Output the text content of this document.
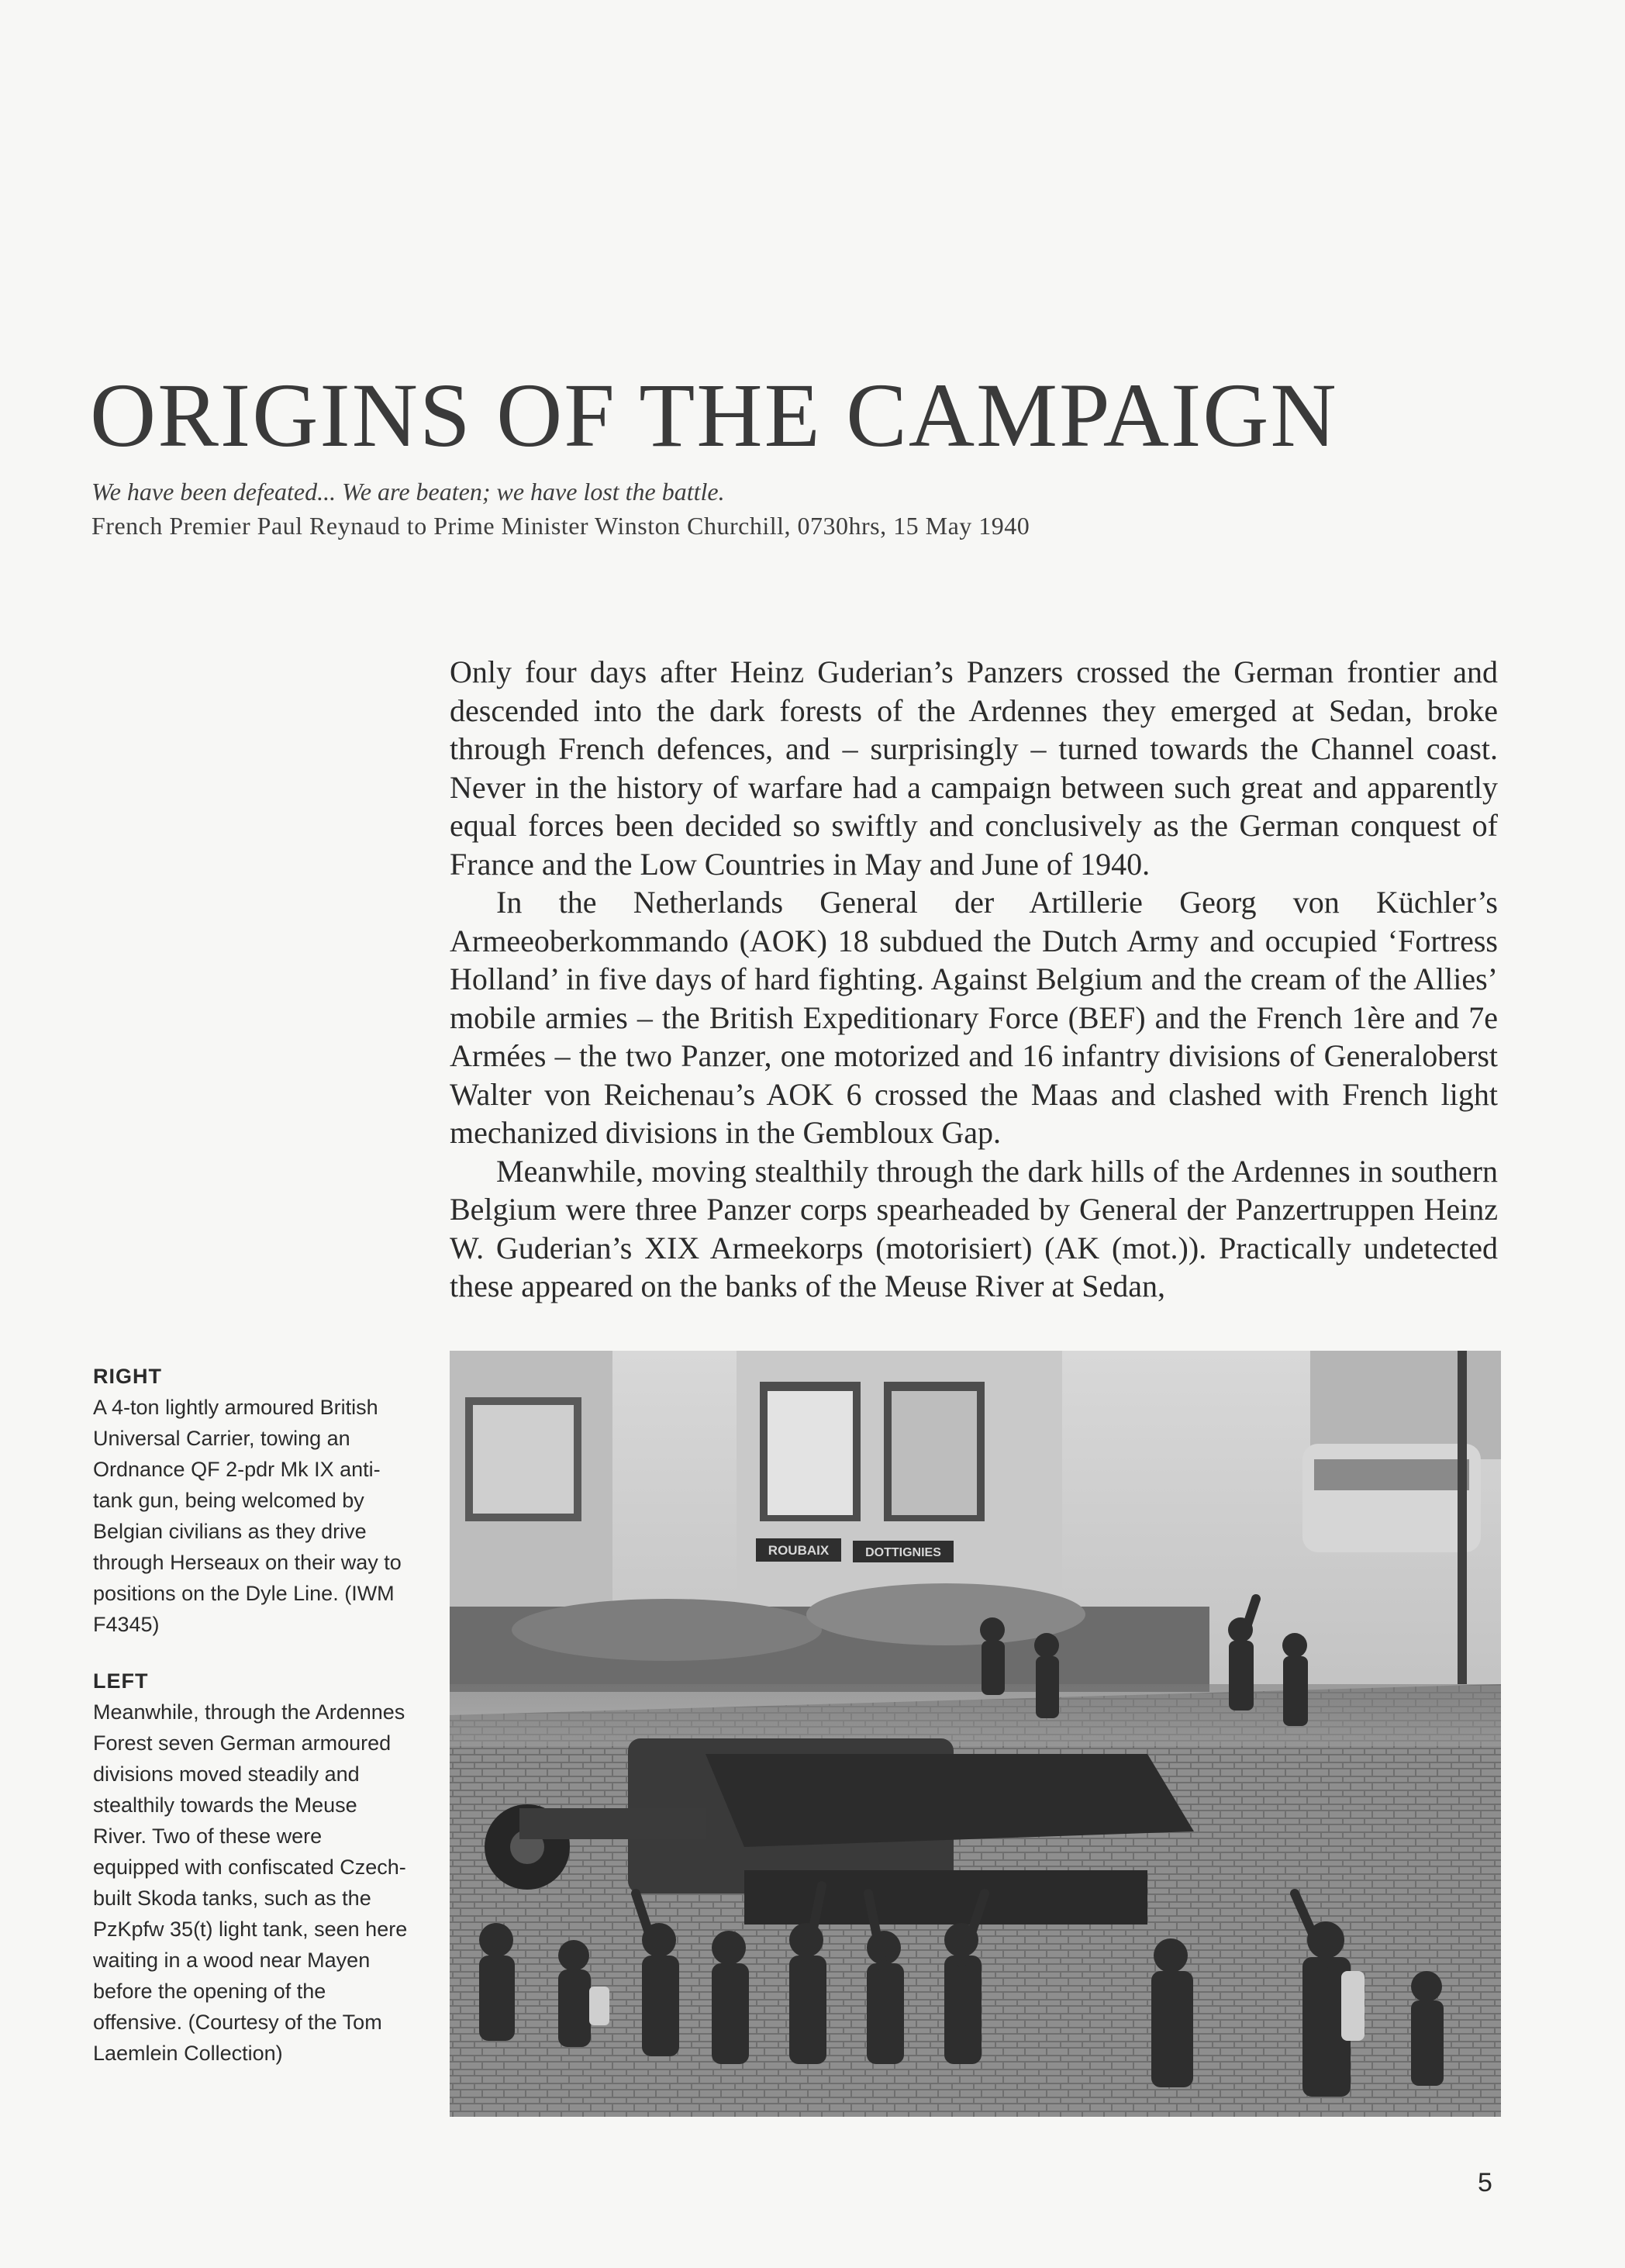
ORIGINS OF THE CAMPAIGN
We have been defeated... We are beaten; we have lost the battle.
French Premier Paul Reynaud to Prime Minister Winston Churchill, 0730hrs, 15 May 1940

Only four days after Heinz Guderian’s Panzers crossed the German frontier and descended into the dark forests of the Ardennes they emerged at Sedan, broke through French defences, and – surprisingly – turned towards the Channel coast. Never in the history of warfare had a campaign between such great and apparently equal forces been decided so swiftly and conclusively as the German conquest of France and the Low Countries in May and June of 1940.

In the Netherlands General der Artillerie Georg von Küchler’s Armeeoberkommando (AOK) 18 subdued the Dutch Army and occupied ‘Fortress Holland’ in five days of hard fighting. Against Belgium and the cream of the Allies’ mobile armies – the British Expeditionary Force (BEF) and the French 1ère and 7e Armées – the two Panzer, one motorized and 16 infantry divisions of Generaloberst Walter von Reichenau’s AOK 6 crossed the Maas and clashed with French light mechanized divisions in the Gembloux Gap.

Meanwhile, moving stealthily through the dark hills of the Ardennes in southern Belgium were three Panzer corps spearheaded by General der Panzertruppen Heinz W. Guderian’s XIX Armeekorps (motorisiert) (AK (mot.)). Practically undetected these appeared on the banks of the Meuse River at Sedan,

RIGHT
A 4-ton lightly armoured British Universal Carrier, towing an Ordnance QF 2-pdr Mk IX anti-tank gun, being welcomed by Belgian civilians as they drive through Herseaux on their way to positions on the Dyle Line. (IWM F4345)
LEFT
Meanwhile, through the Ardennes Forest seven German armoured divisions moved steadily and stealthily towards the Meuse River. Two of these were equipped with confiscated Czech-built Skoda tanks, such as the PzKpfw 35(t) light tank, seen here waiting in a wood near Mayen before the opening of the offensive. (Courtesy of the Tom Laemlein Collection)
ROUBAIX	DOTTIGNIES
5
